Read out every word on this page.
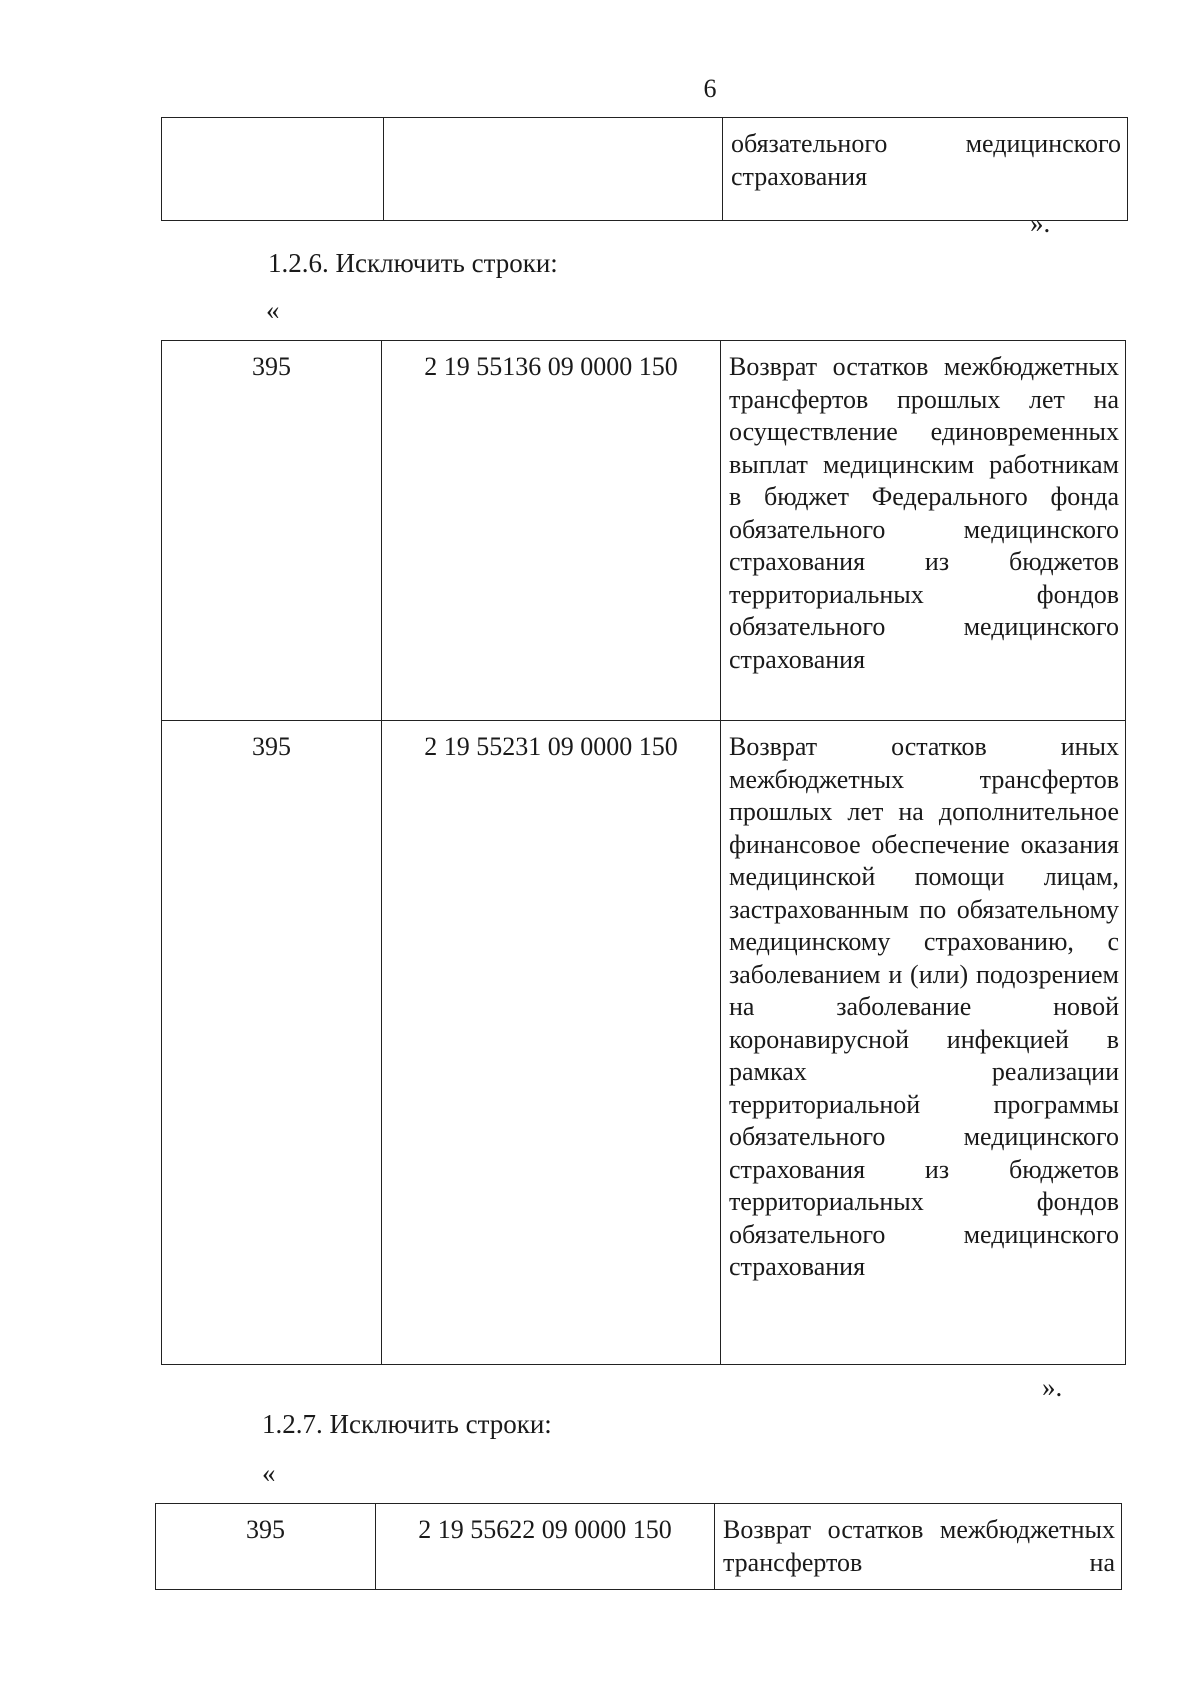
6
		обязательного медицинского
страхования
».
1.2.6. Исключить строки:
«
395	2 19 55136 09 0000 150	Возврат остатков межбюджетных трансфертов прошлых лет на осуществление единовременных выплат медицинским работникам в бюджет Федерального фонда обязательного медицинского страхования из бюджетов территориальных фондов обязательного медицинского
страхования

395	2 19 55231 09 0000 150	Возврат остатков иных межбюджетных трансфертов прошлых лет на дополнительное финансовое обеспечение оказания медицинской помощи лицам, застрахованным по обязательному медицинскому страхованию, с заболеванием и (или) подозрением на заболевание новой коронавирусной инфекцией в рамках реализации территориальной программы обязательного медицинского страхования из бюджетов территориальных фондов обязательного медицинского
страхования
».
1.2.7. Исключить строки:
«
395	2 19 55622 09 0000 150	Возврат остатков межбюджетных трансфертов на
